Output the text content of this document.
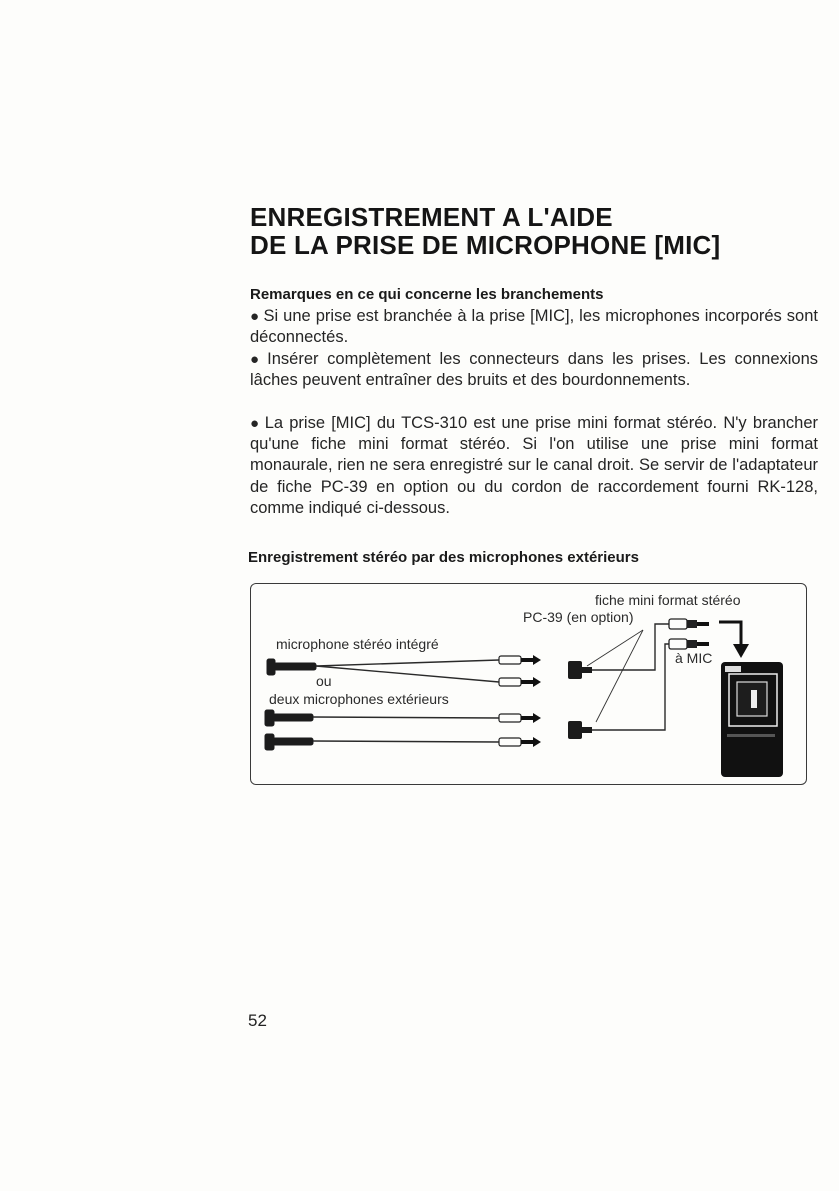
ENREGISTREMENT A L'AIDE
DE LA PRISE DE MICROPHONE [MIC]

Remarques en ce qui concerne les branchements

● Si une prise est branchée à la prise [MIC], les microphones incorporés sont déconnectés.

● Insérer complètement les connecteurs dans les prises. Les connexions lâches peuvent entraîner des bruits et des bourdonnements.

● La prise [MIC] du TCS-310 est une prise mini format stéréo. N'y brancher qu'une fiche mini format stéréo. Si l'on utilise une prise mini format monaurale, rien ne sera enregistré sur le canal droit. Se servir de l'adaptateur de fiche PC-39 en option ou du cordon de raccordement fourni RK-128, comme indiqué ci-dessous.

Enregistrement stéréo par des microphones extérieurs

fiche mini format stéréo
PC-39 (en option)
microphone stéréo intégré
ou
deux microphones extérieurs
à MIC
52
